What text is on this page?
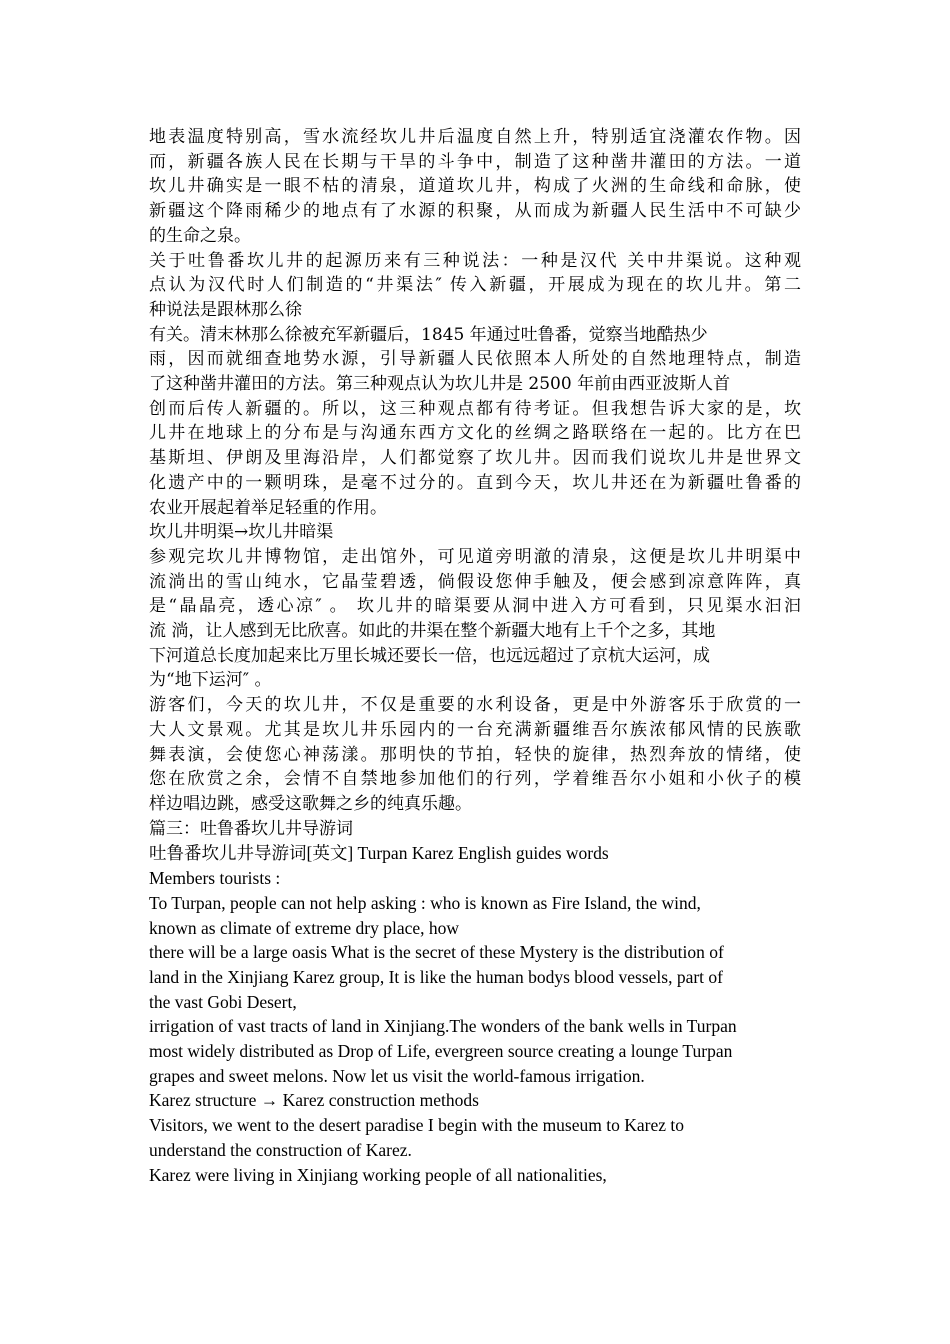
地表温度特别高，雪水流经坎儿井后温度自然上升，特别适宜浇灌农作物。因
而，新疆各族人民在长期与干旱的斗争中，制造了这种凿井灌田的方法。一道
坎儿井确实是一眼不枯的清泉，道道坎儿井，构成了火洲的生命线和命脉，使
新疆这个降雨稀少的地点有了水源的积聚，从而成为新疆人民生活中不可缺少
的生命之泉。
关于吐鲁番坎儿井的起源历来有三种说法：一种是汉代 关中井渠说。这种观
点认为汉代时人们制造的“井渠法″ 传入新疆，开展成为现在的坎儿井。第二
种说法是跟林那么徐
有关。清末林那么徐被充军新疆后，1845 年通过吐鲁番，觉察当地酷热少
雨，因而就细查地势水源，引导新疆人民依照本人所处的自然地理特点，制造
了这种凿井灌田的方法。第三种观点认为坎儿井是 2500 年前由西亚波斯人首
创而后传人新疆的。所以，这三种观点都有待考证。但我想告诉大家的是，坎
儿井在地球上的分布是与沟通东西方文化的丝绸之路联络在一起的。比方在巴
基斯坦、伊朗及里海沿岸，人们都觉察了坎儿井。因而我们说坎儿井是世界文
化遗产中的一颗明珠，是毫不过分的。直到今天，坎儿井还在为新疆吐鲁番的
农业开展起着举足轻重的作用。
坎儿井明渠→坎儿井暗渠
参观完坎儿井博物馆，走出馆外，可见道旁明澈的清泉，这便是坎儿井明渠中
流淌出的雪山纯水，它晶莹碧透，倘假设您伸手触及，便会感到凉意阵阵，真
是“晶晶亮，透心凉″ 。 坎儿井的暗渠要从洞中进入方可看到，只见渠水汩汩
流 淌，让人感到无比欣喜。如此的井渠在整个新疆大地有上千个之多，其地
下河道总长度加起来比万里长城还要长一倍，也远远超过了京杭大运河，成
为“地下运河″ 。
游客们，今天的坎儿井，不仅是重要的水利设备，更是中外游客乐于欣赏的一
大人文景观。尤其是坎儿井乐园内的一台充满新疆维吾尔族浓郁风情的民族歌
舞表演，会使您心神荡漾。那明快的节拍，轻快的旋律，热烈奔放的情绪，使
您在欣赏之余，会情不自禁地参加他们的行列，学着维吾尔小姐和小伙子的模
样边唱边跳，感受这歌舞之乡的纯真乐趣。
篇三：吐鲁番坎儿井导游词
吐鲁番坎儿井导游词[英文] Turpan Karez English guides words
Members tourists :
To Turpan, people can not help asking : who is known as Fire Island, the wind,
known as climate of extreme dry place, how
there will be a large oasis What is the secret of these Mystery is the distribution of
land in the Xinjiang Karez group, It is like the human bodys blood vessels, part of
the vast Gobi Desert,
irrigation of vast tracts of land in Xinjiang.The wonders of the bank wells in Turpan
most widely distributed as Drop of Life, evergreen source creating a lounge Turpan
grapes and sweet melons. Now let us visit the world-famous irrigation.
Karez structure → Karez construction methods
Visitors, we went to the desert paradise I begin with the museum to Karez to
understand the construction of Karez.
Karez were living in Xinjiang working people of all nationalities,
